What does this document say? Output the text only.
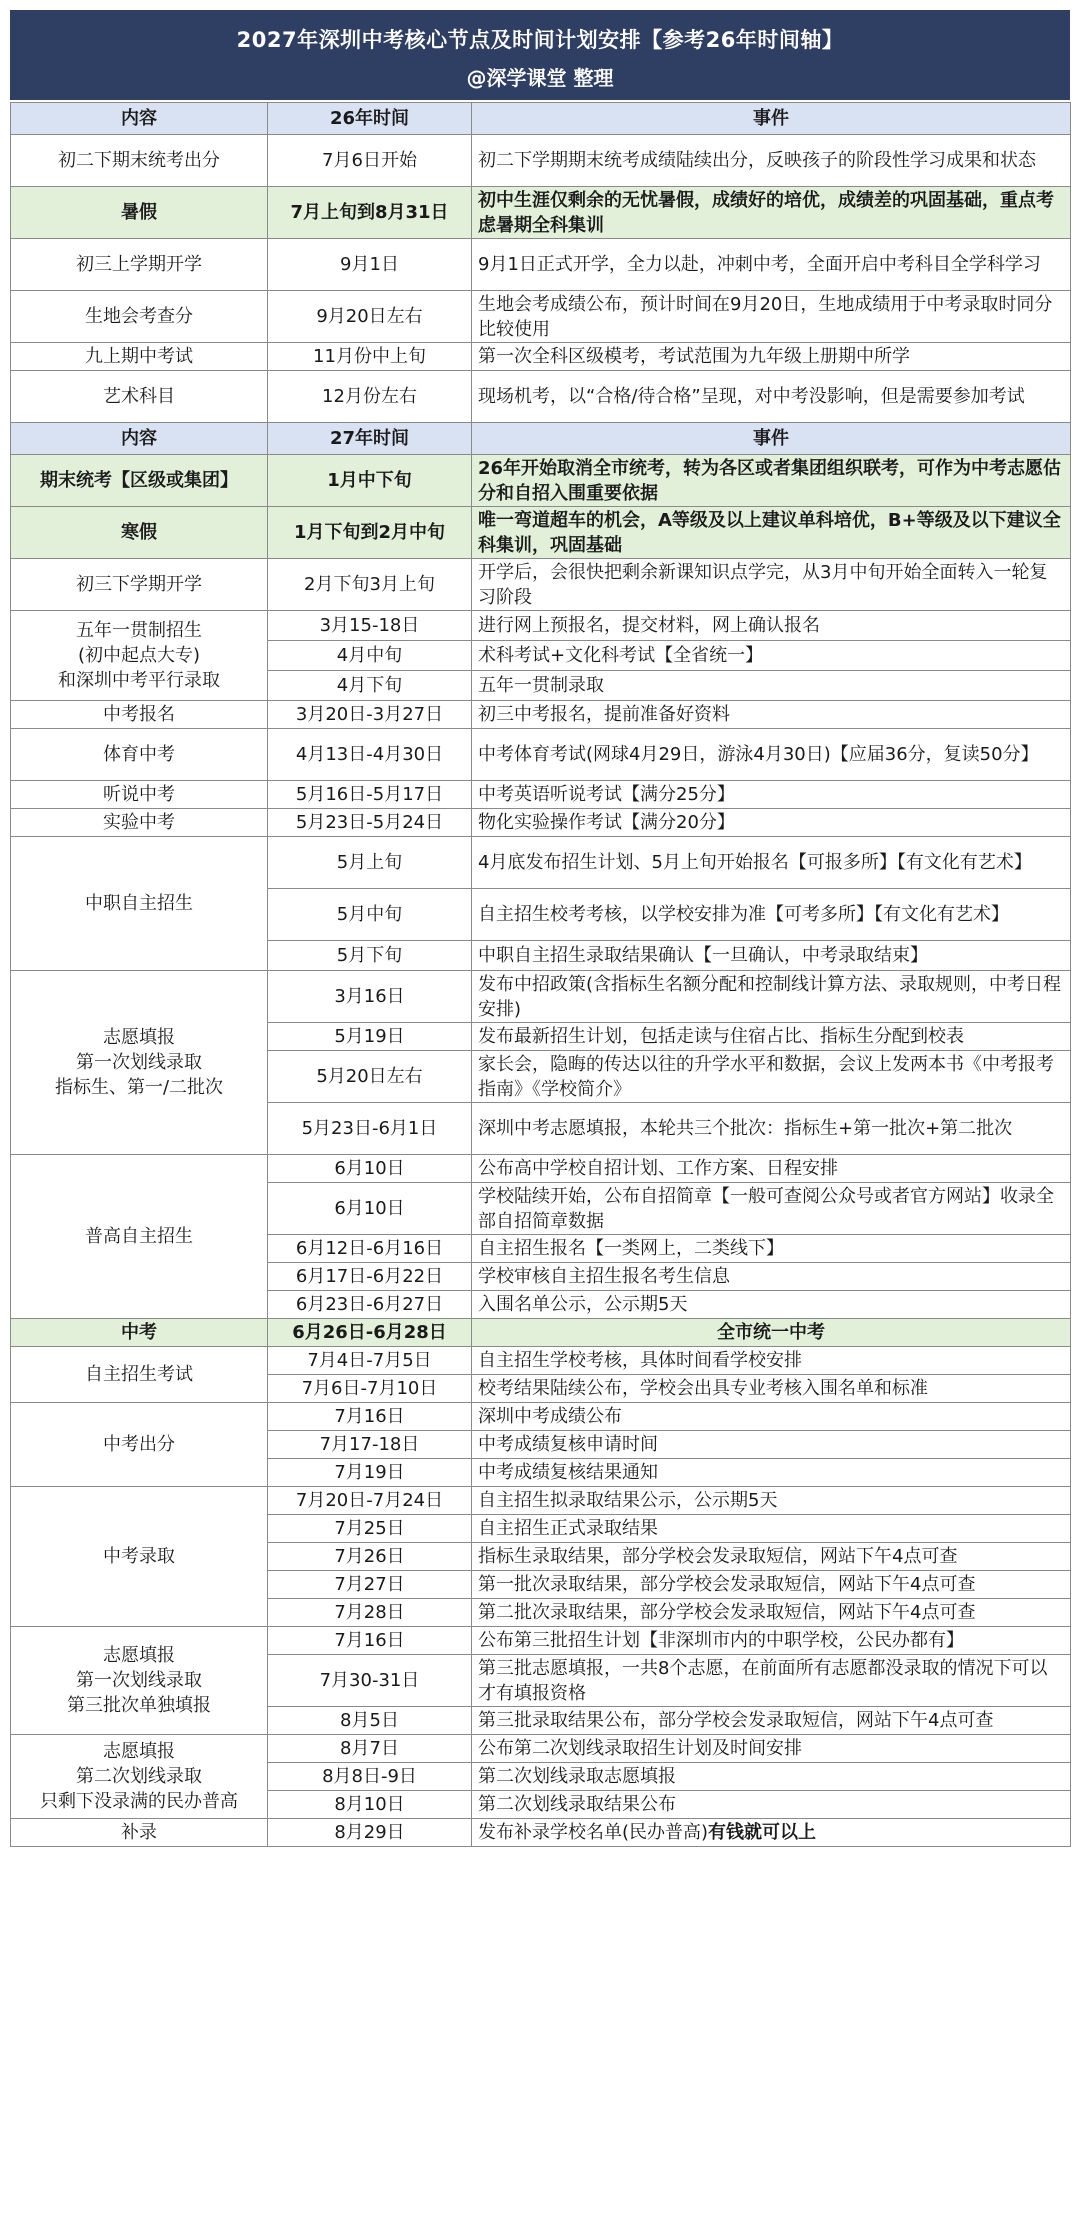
2027年深圳中考核心节点及时间计划安排【参考26年时间轴】
@深学课堂 整理
内容	26年时间	事件
初二下期末统考出分	7月6日开始	初二下学期期末统考成绩陆续出分，反映孩子的阶段性学习成果和状态
暑假	7月上旬到8月31日	初中生涯仅剩余的无忧暑假，成绩好的培优，成绩差的巩固基础，重点考虑暑期全科集训
初三上学期开学	9月1日	9月1日正式开学，全力以赴，冲刺中考，全面开启中考科目全学科学习
生地会考查分	9月20日左右	生地会考成绩公布，预计时间在9月20日，生地成绩用于中考录取时同分比较使用
九上期中考试	11月份中上旬	第一次全科区级模考，考试范围为九年级上册期中所学
艺术科目	12月份左右	现场机考，以“合格/待合格”呈现，对中考没影响，但是需要参加考试
内容	27年时间	事件
期末统考【区级或集团】	1月中下旬	26年开始取消全市统考，转为各区或者集团组织联考，可作为中考志愿估分和自招入围重要依据
寒假	1月下旬到2月中旬	唯一弯道超车的机会，A等级及以上建议单科培优，B+等级及以下建议全科集训，巩固基础
初三下学期开学	2月下旬3月上旬	开学后，会很快把剩余新课知识点学完，从3月中旬开始全面转入一轮复习阶段
五年一贯制招生
(初中起点大专)
和深圳中考平行录取	3月15-18日	进行网上预报名，提交材料，网上确认报名
	4月中旬	术科考试+文化科考试【全省统一】
	4月下旬	五年一贯制录取
中考报名	3月20日-3月27日	初三中考报名，提前准备好资料
体育中考	4月13日-4月30日	中考体育考试(网球4月29日，游泳4月30日)【应届36分，复读50分】
听说中考	5月16日-5月17日	中考英语听说考试【满分25分】
实验中考	5月23日-5月24日	物化实验操作考试【满分20分】
中职自主招生	5月上旬	4月底发布招生计划、5月上旬开始报名【可报多所】【有文化有艺术】
	5月中旬	自主招生校考考核，以学校安排为准【可考多所】【有文化有艺术】
	5月下旬	中职自主招生录取结果确认【一旦确认，中考录取结束】
志愿填报
第一次划线录取
指标生、第一/二批次	3月16日	发布中招政策(含指标生名额分配和控制线计算方法、录取规则，中考日程安排)
	5月19日	发布最新招生计划，包括走读与住宿占比、指标生分配到校表
	5月20日左右	家长会，隐晦的传达以往的升学水平和数据，会议上发两本书《中考报考指南》《学校简介》
	5月23日-6月1日	深圳中考志愿填报，本轮共三个批次：指标生+第一批次+第二批次
普高自主招生	6月10日	公布高中学校自招计划、工作方案、日程安排
	6月10日	学校陆续开始，公布自招简章【一般可查阅公众号或者官方网站】收录全部自招简章数据
	6月12日-6月16日	自主招生报名【一类网上，二类线下】
	6月17日-6月22日	学校审核自主招生报名考生信息
	6月23日-6月27日	入围名单公示，公示期5天
中考	6月26日-6月28日	全市统一中考
自主招生考试	7月4日-7月5日	自主招生学校考核，具体时间看学校安排
	7月6日-7月10日	校考结果陆续公布，学校会出具专业考核入围名单和标准
中考出分	7月16日	深圳中考成绩公布
	7月17-18日	中考成绩复核申请时间
	7月19日	中考成绩复核结果通知
中考录取	7月20日-7月24日	自主招生拟录取结果公示，公示期5天
	7月25日	自主招生正式录取结果
	7月26日	指标生录取结果，部分学校会发录取短信，网站下午4点可查
	7月27日	第一批次录取结果，部分学校会发录取短信，网站下午4点可查
	7月28日	第二批次录取结果，部分学校会发录取短信，网站下午4点可查
志愿填报
第一次划线录取
第三批次单独填报	7月16日	公布第三批招生计划【非深圳市内的中职学校，公民办都有】
	7月30-31日	第三批志愿填报，一共8个志愿，在前面所有志愿都没录取的情况下可以才有填报资格
	8月5日	第三批录取结果公布，部分学校会发录取短信，网站下午4点可查
志愿填报
第二次划线录取
只剩下没录满的民办普高	8月7日	公布第二次划线录取招生计划及时间安排
	8月8日-9日	第二次划线录取志愿填报
	8月10日	第二次划线录取结果公布
补录	8月29日	发布补录学校名单(民办普高)有钱就可以上
